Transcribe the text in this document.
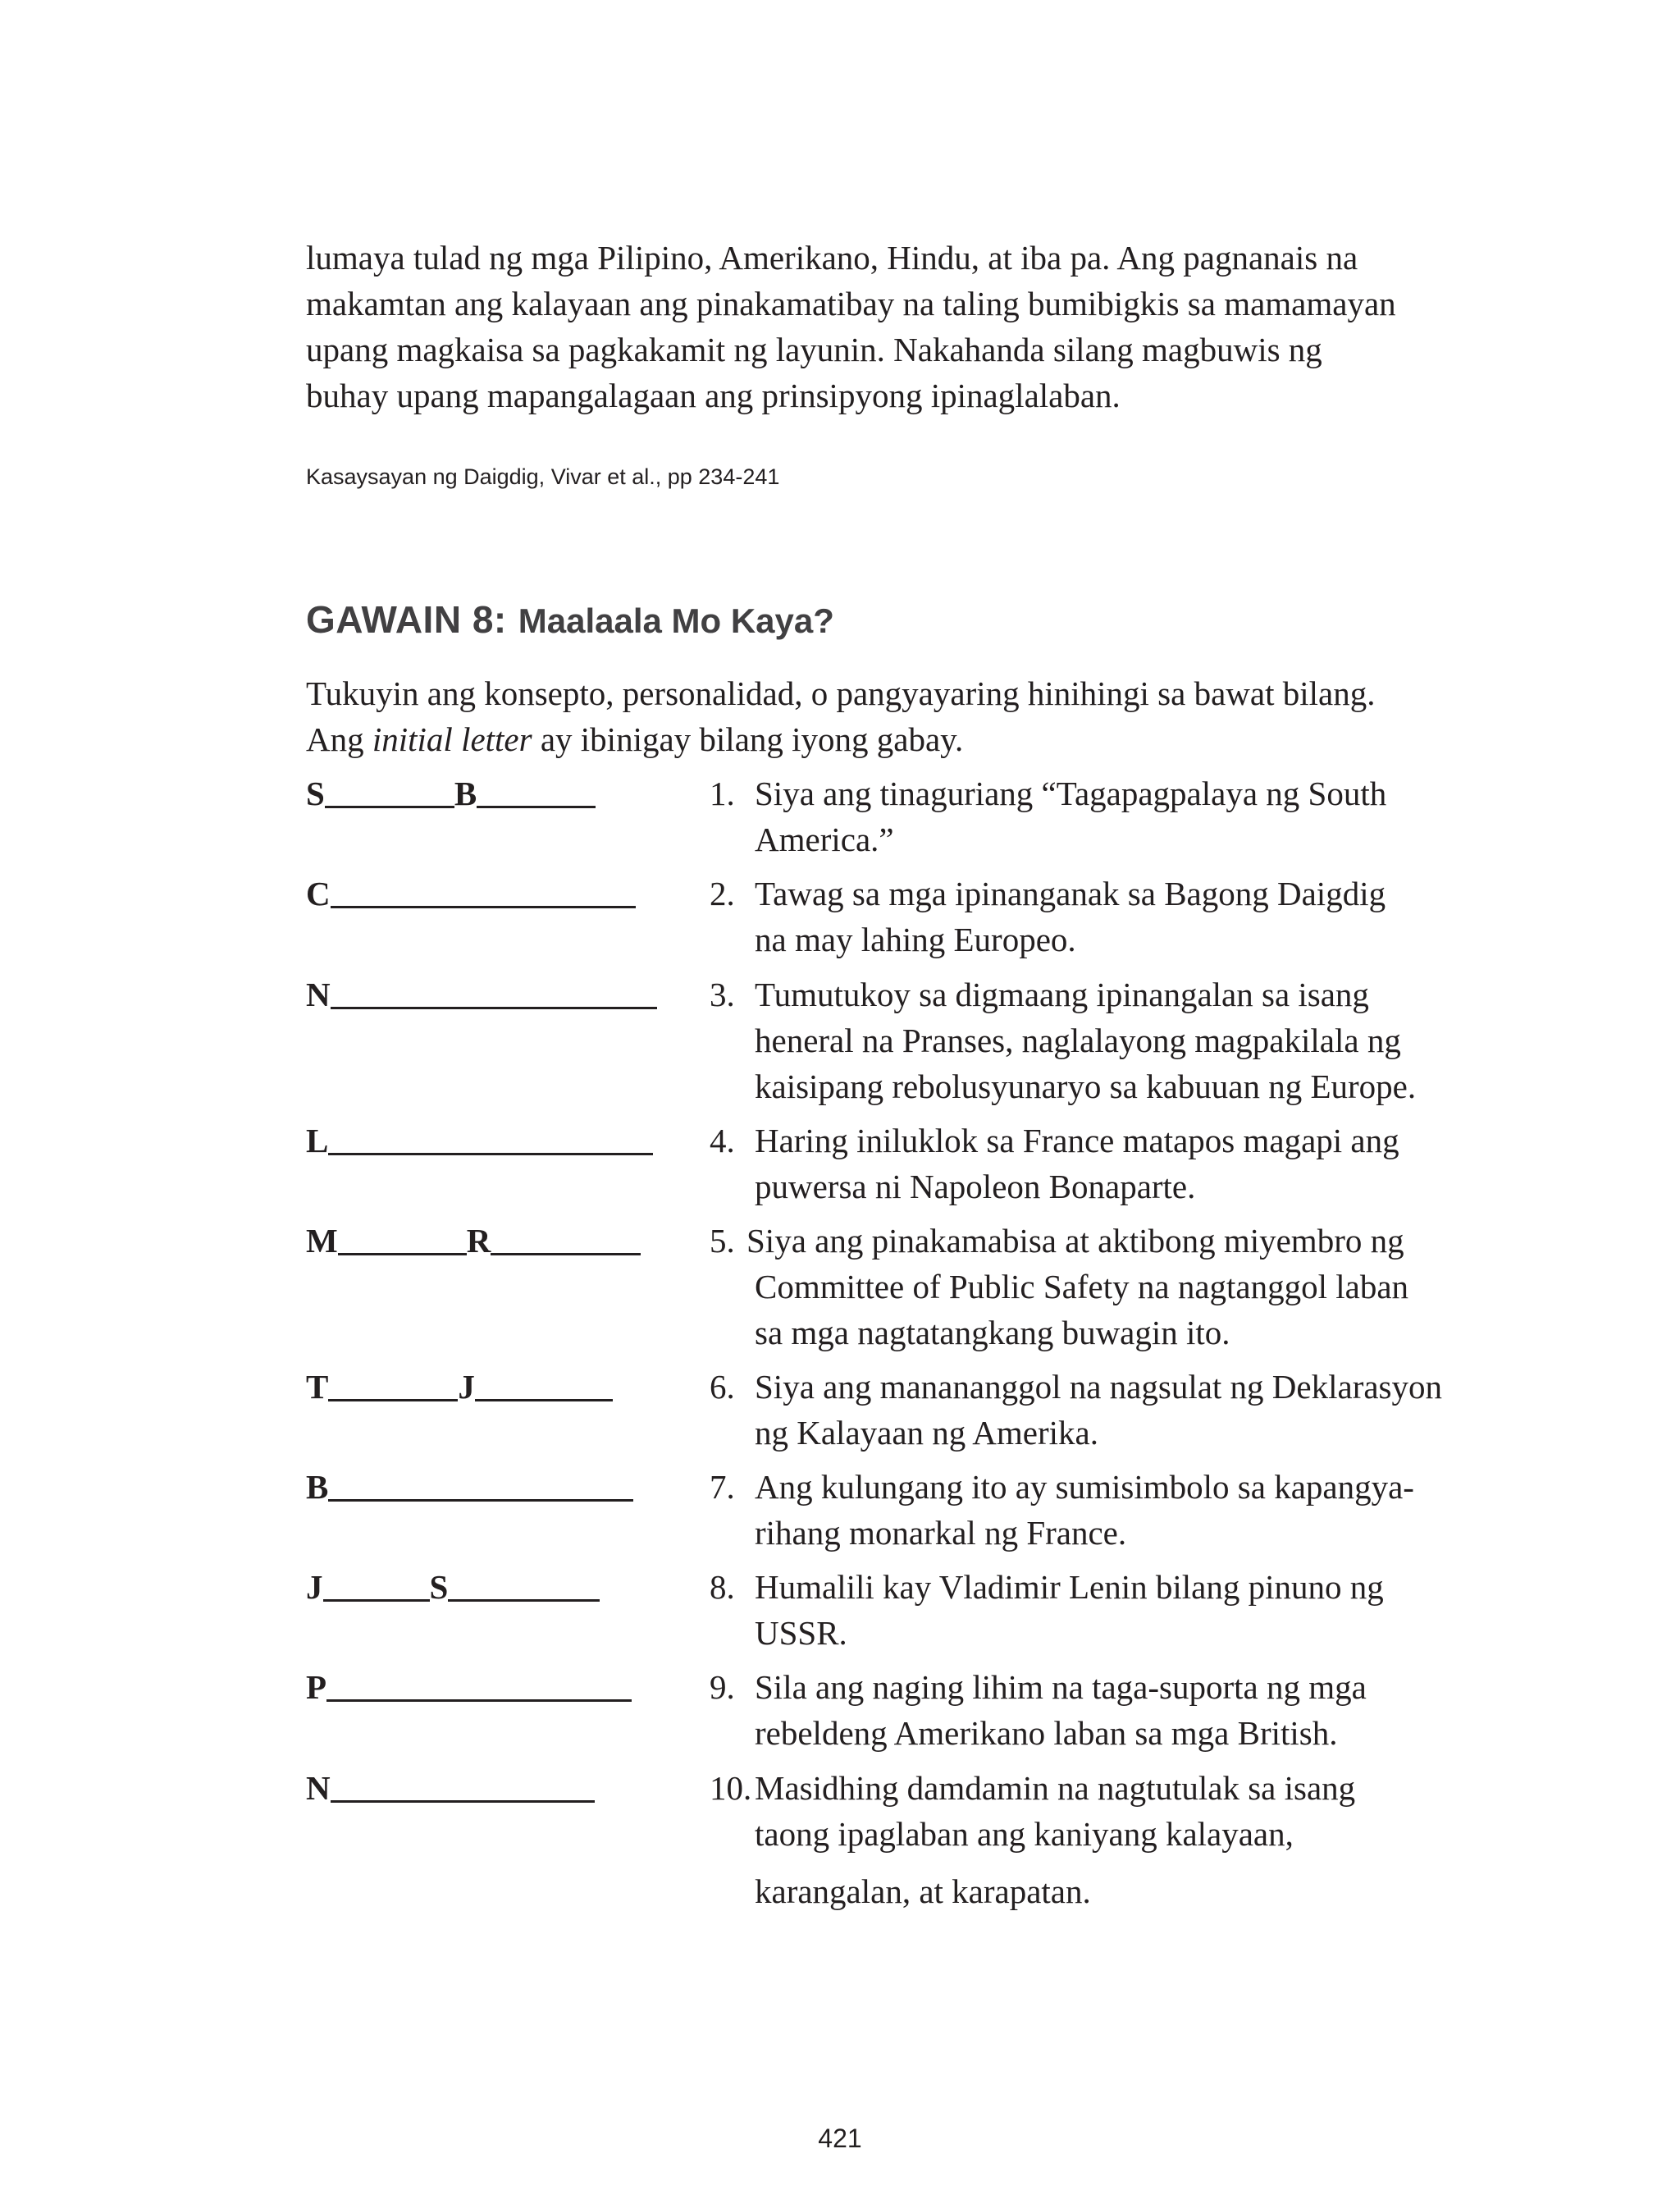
lumaya tulad ng mga Pilipino, Amerikano, Hindu, at iba pa. Ang pagnanais na
makamtan ang kalayaan ang pinakamatibay na taling bumibigkis sa mamamayan
upang magkaisa sa pagkakamit ng layunin. Nakahanda silang magbuwis ng
buhay upang mapangalagaan ang prinsipyong ipinaglalaban.

Kasaysayan ng Daigdig, Vivar et al., pp 234-241

GAWAIN 8: Maalaala Mo Kaya?
Tukuyin ang konsepto, personalidad, o pangyayaring hinihingi sa bawat bilang.
Ang initial letter ay ibinigay bilang iyong gabay.
S	B	1. Siya ang tinaguriang “Tagapagpalaya ng South
America.”
C	2. Tawag sa mga ipinanganak sa Bagong Daigdig
na may lahing Europeo.
N	3. Tumutukoy sa digmaang ipinangalan sa isang
heneral na Pranses, naglalayong magpakilala ng
kaisipang rebolusyunaryo sa kabuuan ng Europe.
L	4. Haring iniluklok sa France matapos magapi ang
puwersa ni Napoleon Bonaparte.
M	R	5. Siya ang pinakamabisa at aktibong miyembro ng
Committee of Public Safety na nagtanggol laban
sa mga nagtatangkang buwagin ito.
T	J	6. Siya ang manananggol na nagsulat ng Deklarasyon
ng Kalayaan ng Amerika.
B	7. Ang kulungang ito ay sumisimbolo sa kapangya-
rihang monarkal ng France.
J	S	8. Humalili kay Vladimir Lenin bilang pinuno ng
USSR.
P	9. Sila ang naging lihim na taga-suporta ng mga
rebeldeng Amerikano laban sa mga British.
N	10.Masidhing damdamin na nagtutulak sa isang
taong ipaglaban ang kaniyang kalayaan,
karangalan, at karapatan.
421
